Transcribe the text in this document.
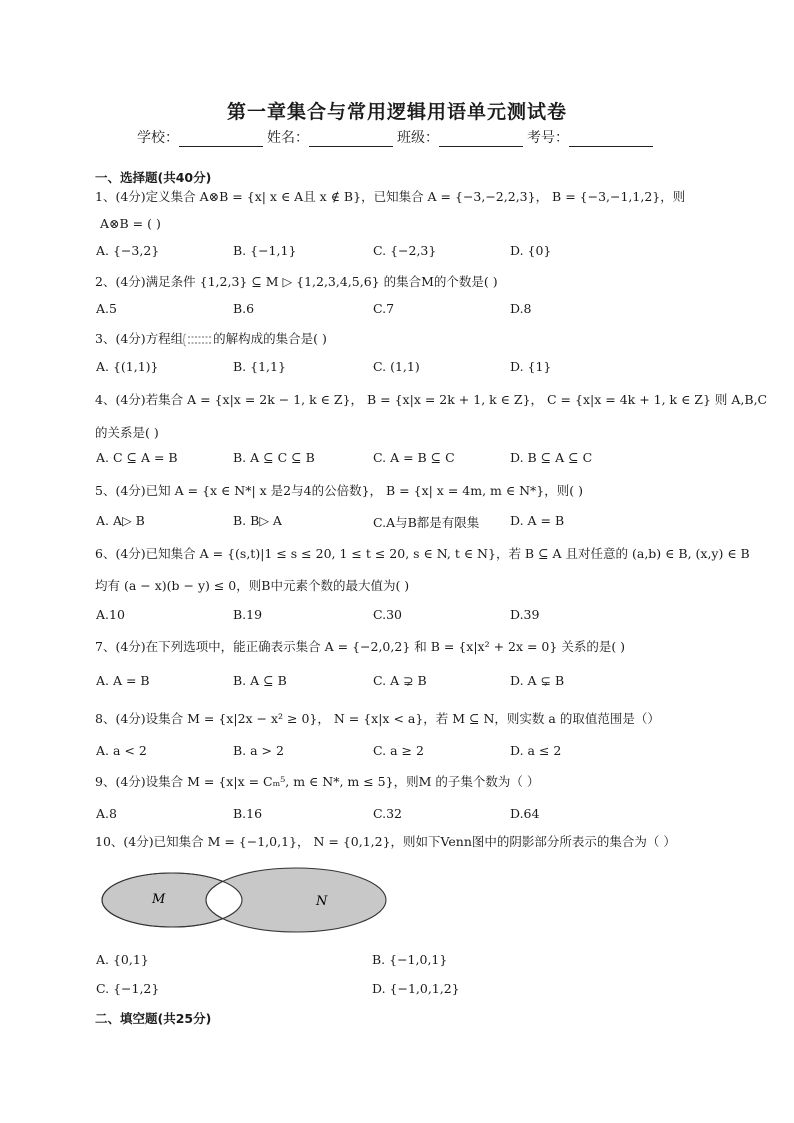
第一章集合与常用逻辑用语单元测试卷
学校：	姓名：	班级：	考号：
一、选择题(共40分)
1、(4分)定义集合 A⊗B = {x| x ∈ A且 x ∉ B}，已知集合 A = {−3,−2,2,3}， B = {−3,−1,1,2}，则
A⊗B = ( )
A. {−3,2}	B. {−1,1}	C. {−2,3}	D. {0}
2、(4分)满足条件 {1,2,3} ⊆ M ▷ {1,2,3,4,5,6} 的集合M的个数是( )
A.5	B.6	C.7	D.8
3、(4分)方程组 的解构成的集合是( )
A. {(1,1)}	B. {1,1}	C. (1,1)	D. {1}
4、(4分)若集合 A = {x|x = 2k − 1, k ∈ Z}， B = {x|x = 2k + 1, k ∈ Z}， C = {x|x = 4k + 1, k ∈ Z} 则 A,B,C
的关系是( )
A. C ⊆ A = B	B. A ⊆ C ⊆ B	C. A = B ⊆ C	D. B ⊆ A ⊆ C
5、(4分)已知 A = {x ∈ N*| x 是2与4的公倍数}， B = {x| x = 4m, m ∈ N*}，则( )
A. A▷ B	B. B▷ A	C.A与B都是有限集 D. A = B
6、(4分)已知集合 A = {(s,t)|1 ≤ s ≤ 20, 1 ≤ t ≤ 20, s ∈ N, t ∈ N}，若 B ⊆ A 且对任意的 (a,b) ∈ B, (x,y) ∈ B
均有 (a − x)(b − y) ≤ 0，则B中元素个数的最大值为( )
A.10	B.19	C.30	D.39
7、(4分)在下列选项中，能正确表示集合 A = {−2,0,2} 和 B = {x|x² + 2x = 0} 关系的是( )
A. A = B	B. A ⊆ B	C. A ⊋ B	D. A ⊊ B
8、(4分)设集合 M = {x|2x − x² ≥ 0}， N = {x|x < a}，若 M ⊆ N，则实数 a 的取值范围是（）
A. a < 2	B. a > 2	C. a ≥ 2	D. a ≤ 2
9、(4分)设集合 M = {x|x = Cₘ⁵, m ∈ N*, m ≤ 5}，则M 的子集个数为（ ）
A.8	B.16	C.32	D.64
10、(4分)已知集合 M = {−1,0,1}， N = {0,1,2}，则如下Venn图中的阴影部分所表示的集合为（ ）
M	N
A. {0,1}	B. {−1,0,1}
C. {−1,2}	D. {−1,0,1,2}
二、填空题(共25分)
